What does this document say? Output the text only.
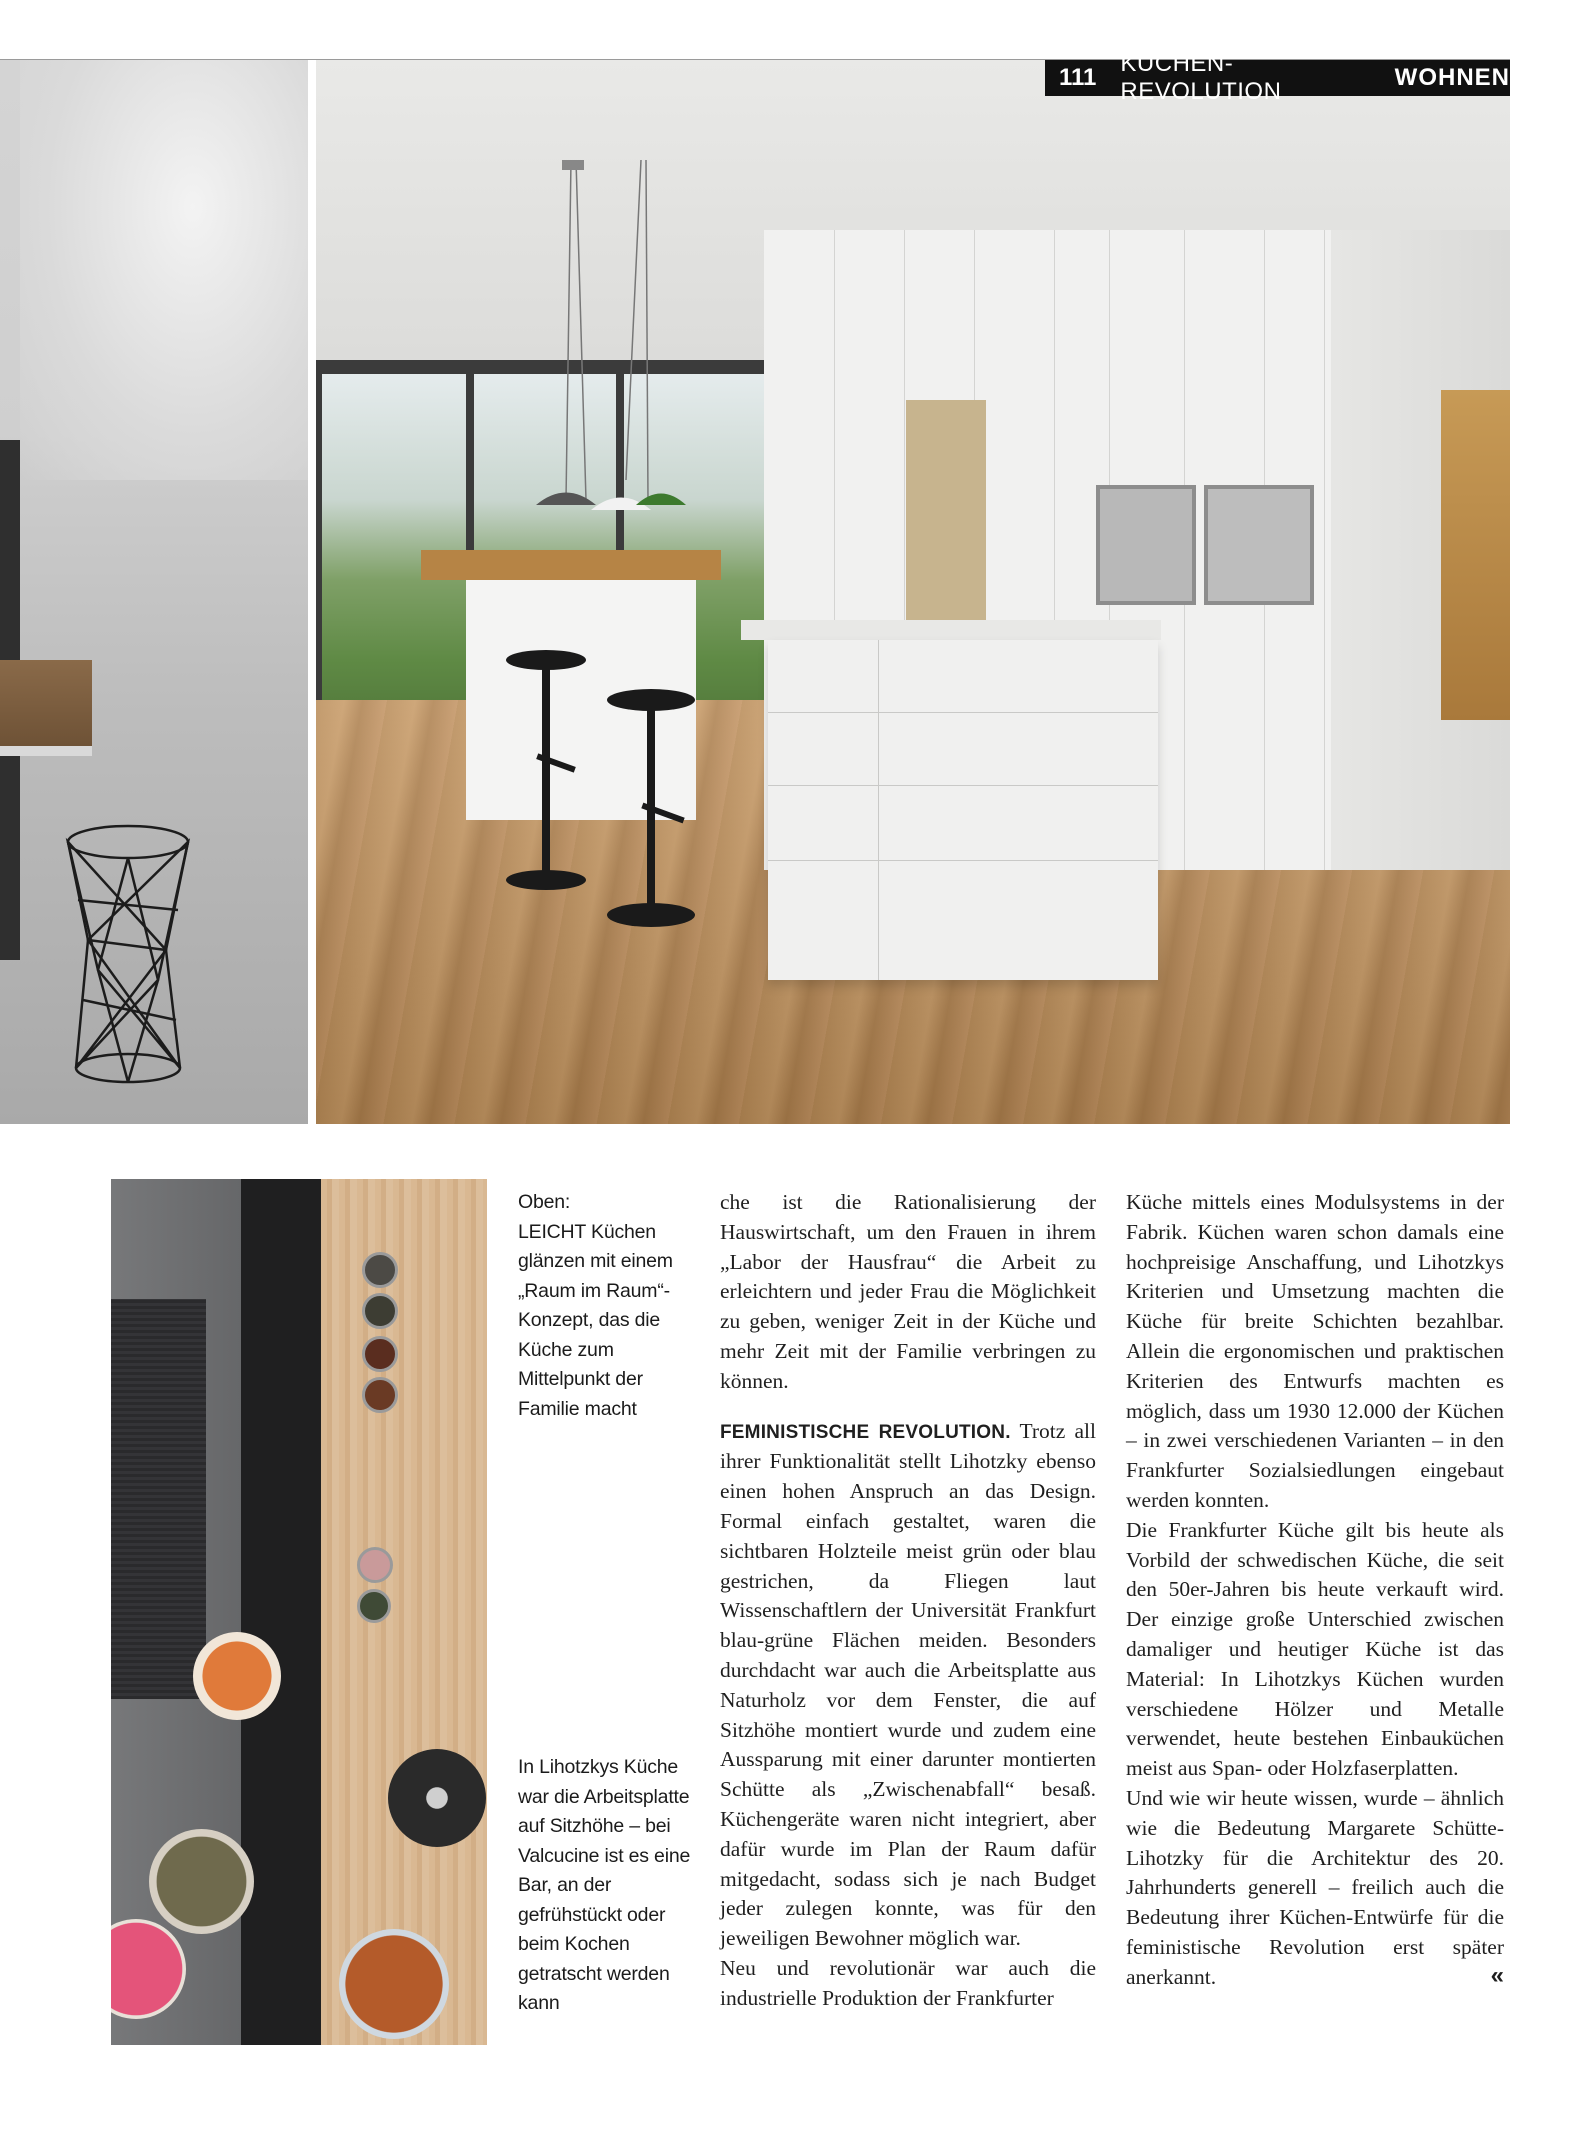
111
KÜCHEN-REVOLUTION
WOHNEN
Oben:
LEICHT Küchen glänzen mit einem „Raum im Raum“-Konzept, das die Küche zum Mittelpunkt der Familie macht
In Lihotzkys Küche war die Arbeitsplatte auf Sitzhöhe – bei Valcucine ist es eine Bar, an der gefrühstückt oder beim Kochen getratscht werden kann

che ist die Rationalisierung der Hauswirtschaft, um den Frauen in ihrem „Labor der Hausfrau“ die Arbeit zu erleichtern und jeder Frau die Möglichkeit zu geben, weniger Zeit in der Küche und mehr Zeit mit der Familie verbringen zu können.

FEMINISTISCHE REVOLUTION. Trotz all ihrer Funktionalität stellt Lihotzky ebenso einen hohen Anspruch an das Design. Formal einfach gestaltet, waren die sichtbaren Holzteile meist grün oder blau gestrichen, da Fliegen laut Wissenschaftlern der Universität Frankfurt blau-grüne Flächen meiden. Besonders durchdacht war auch die Arbeitsplatte aus Naturholz vor dem Fenster, die auf Sitzhöhe montiert wurde und zudem eine Aussparung mit einer darunter montierten Schütte als „Zwischenabfall“ besaß. Küchengeräte waren nicht integriert, aber dafür wurde im Plan der Raum dafür mitgedacht, sodass sich je nach Budget jeder zulegen konnte, was für den jeweiligen Bewohner möglich war.

Neu und revolutionär war auch die industrielle Produktion der Frankfurter

Küche mittels eines Modulsystems in der Fabrik. Küchen waren schon damals eine hochpreisige Anschaffung, und Lihotzkys Kriterien und Umsetzung machten die Küche für breite Schichten bezahlbar. Allein die ergonomischen und praktischen Kriterien des Entwurfs machten es möglich, dass um 1930 12.000 der Küchen – in zwei verschiedenen Varianten – in den Frankfurter Sozialsiedlungen eingebaut werden konnten.

Die Frankfurter Küche gilt bis heute als Vorbild der schwedischen Küche, die seit den 50er-Jahren bis heute verkauft wird. Der einzige große Unterschied zwischen damaliger und heutiger Küche ist das Material: In Lihotzkys Küchen wurden verschiedene Hölzer und Metalle verwendet, heute bestehen Einbauküchen meist aus Span- oder Holzfaserplatten.

Und wie wir heute wissen, wurde – ähnlich wie die Bedeutung Margarete Schütte-Lihotzky für die Architektur des 20. Jahrhunderts generell – freilich auch die Bedeutung ihrer Küchen-Entwürfe für die feministische Revolution erst später anerkannt.	«
